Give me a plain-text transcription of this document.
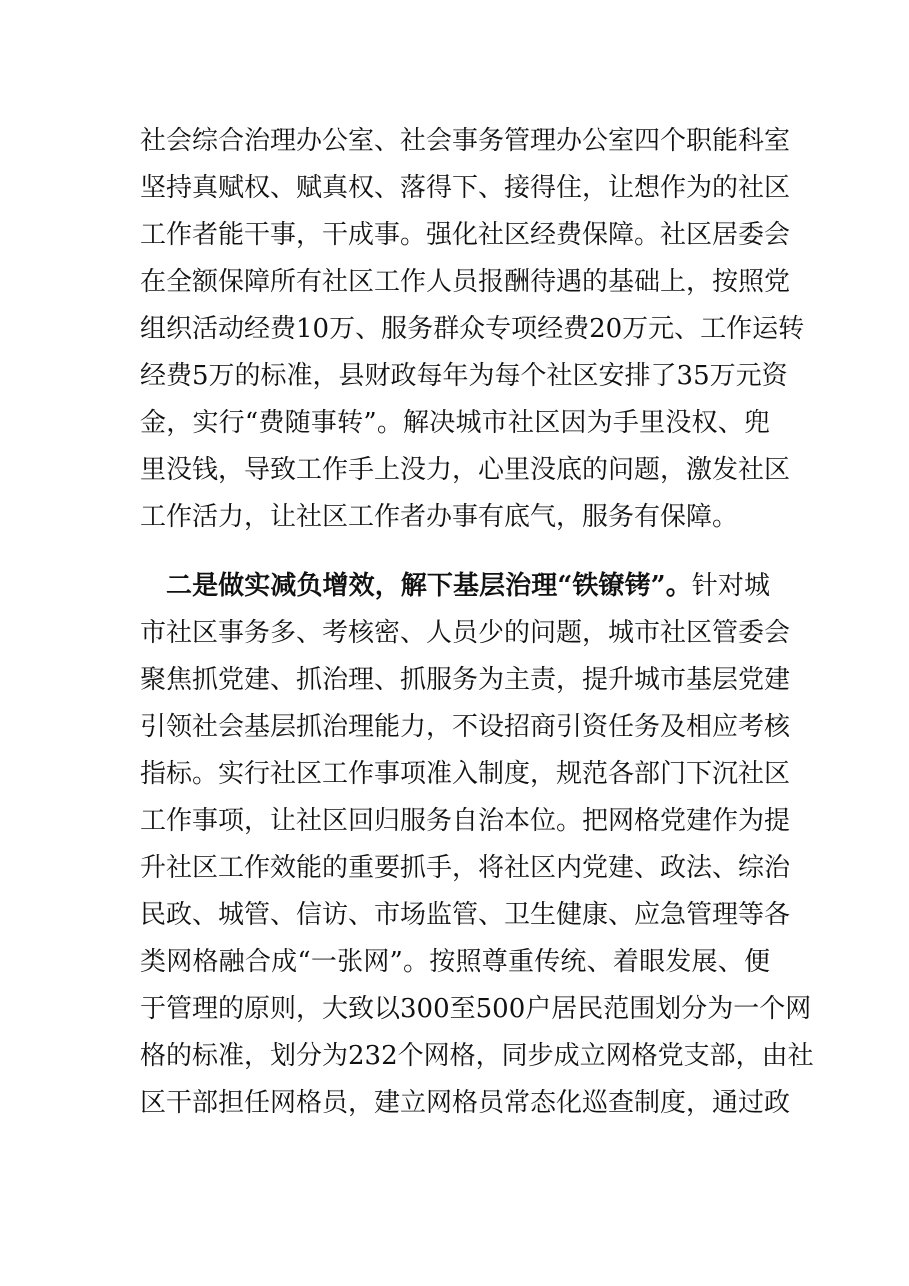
社会综合治理办公室、社会事务管理办公室四个职能科室
坚持真赋权、赋真权、落得下、接得住，让想作为的社区
工作者能干事，干成事。强化社区经费保障。社区居委会
在全额保障所有社区工作人员报酬待遇的基础上，按照党
组织活动经费10万、服务群众专项经费20万元、工作运转
经费5万的标准，县财政每年为每个社区安排了35万元资
金，实行“费随事转”。解决城市社区因为手里没权、兜
里没钱，导致工作手上没力，心里没底的问题，激发社区
工作活力，让社区工作者办事有底气，服务有保障。
二是做实减负增效，解下基层治理“铁镣铐”。针对城
市社区事务多、考核密、人员少的问题，城市社区管委会
聚焦抓党建、抓治理、抓服务为主责，提升城市基层党建
引领社会基层抓治理能力，不设招商引资任务及相应考核
指标。实行社区工作事项准入制度，规范各部门下沉社区
工作事项，让社区回归服务自治本位。把网格党建作为提
升社区工作效能的重要抓手，将社区内党建、政法、综治
民政、城管、信访、市场监管、卫生健康、应急管理等各
类网格融合成“一张网”。按照尊重传统、着眼发展、便
于管理的原则，大致以300至500户居民范围划分为一个网
格的标准，划分为232个网格，同步成立网格党支部，由社
区干部担任网格员，建立网格员常态化巡查制度，通过政
